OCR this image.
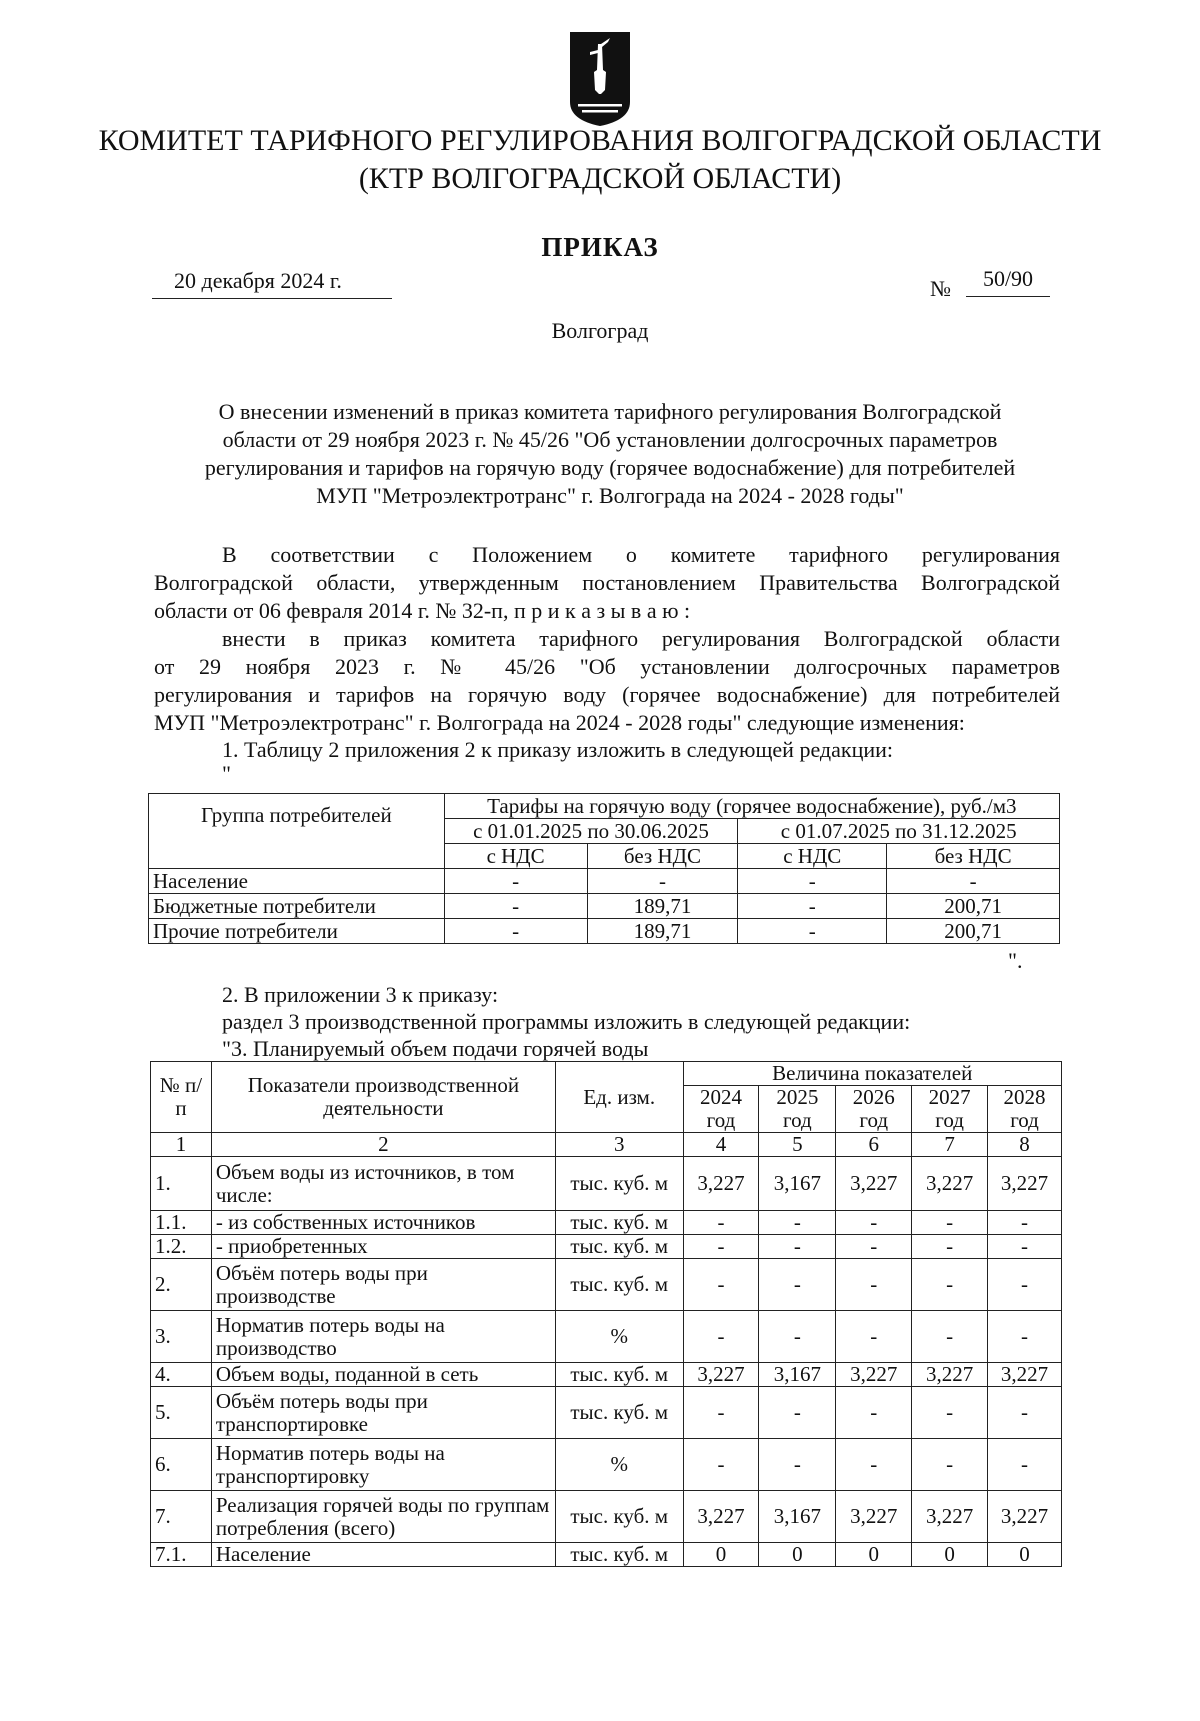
КОМИТЕТ ТАРИФНОГО РЕГУЛИРОВАНИЯ ВОЛГОГРАДСКОЙ ОБЛАСТИ
(КТР ВОЛГОГРАДСКОЙ ОБЛАСТИ)
ПРИКАЗ
20 декабря 2024 г.	№	50/90
Волгоград
О внесении изменений в приказ комитета тарифного регулирования Волгоградской
области от 29 ноября 2023 г. № 45/26 "Об установлении долгосрочных параметров
регулирования и тарифов на горячую воду (горячее водоснабжение) для потребителей
МУП "Метроэлектротранс" г. Волгограда на 2024 - 2028 годы"
В соответствии с Положением о комитете тарифного регулирования
Волгоградской области, утвержденным постановлением Правительства Волгоградской
области от 06 февраля 2014 г. № 32-п, п р и к а з ы в а ю :
внести в приказ комитета тарифного регулирования Волгоградской области
от 29 ноября 2023 г. № 45/26 "Об установлении долгосрочных параметров
регулирования и тарифов на горячую воду (горячее водоснабжение) для потребителей
МУП "Метроэлектротранс" г. Волгограда на 2024 - 2028 годы" следующие изменения:
1. Таблицу 2 приложения 2 к приказу изложить в следующей редакции:
"
Группа потребителей	Тарифы на горячую воду (горячее водоснабжение), руб./м3			
	с 01.01.2025 по 30.06.2025		с 01.07.2025 по 31.12.2025	
	с НДС	без НДС	с НДС	без НДС
Население	-	-	-	-
Бюджетные потребители	-	189,71	-	200,71
Прочие потребители	-	189,71	-	200,71
".
2. В приложении 3 к приказу:
раздел 3 производственной программы изложить в следующей редакции:
"3. Планируемый объем подачи горячей воды
№ п/п	Показатели производственной деятельности	Ед. изм.	Величина показателей				
			2024 год	2025 год	2026 год	2027 год	2028 год
1	2	3	4	5	6	7	8
1.	Объем воды из источников, в том числе:	тыс. куб. м	3,227	3,167	3,227	3,227	3,227
1.1.	- из собственных источников	тыс. куб. м	-	-	-	-	-
1.2.	- приобретенных	тыс. куб. м	-	-	-	-	-
2.	Объём потерь воды при производстве	тыс. куб. м	-	-	-	-	-
3.	Норматив потерь воды на производство	%	-	-	-	-	-
4.	Объем воды, поданной в сеть	тыс. куб. м	3,227	3,167	3,227	3,227	3,227
5.	Объём потерь воды при транспортировке	тыс. куб. м	-	-	-	-	-
6.	Норматив потерь воды на транспортировку	%	-	-	-	-	-
7.	Реализация горячей воды по группам потребления (всего)	тыс. куб. м	3,227	3,167	3,227	3,227	3,227
7.1.	Население	тыс. куб. м	0	0	0	0	0
